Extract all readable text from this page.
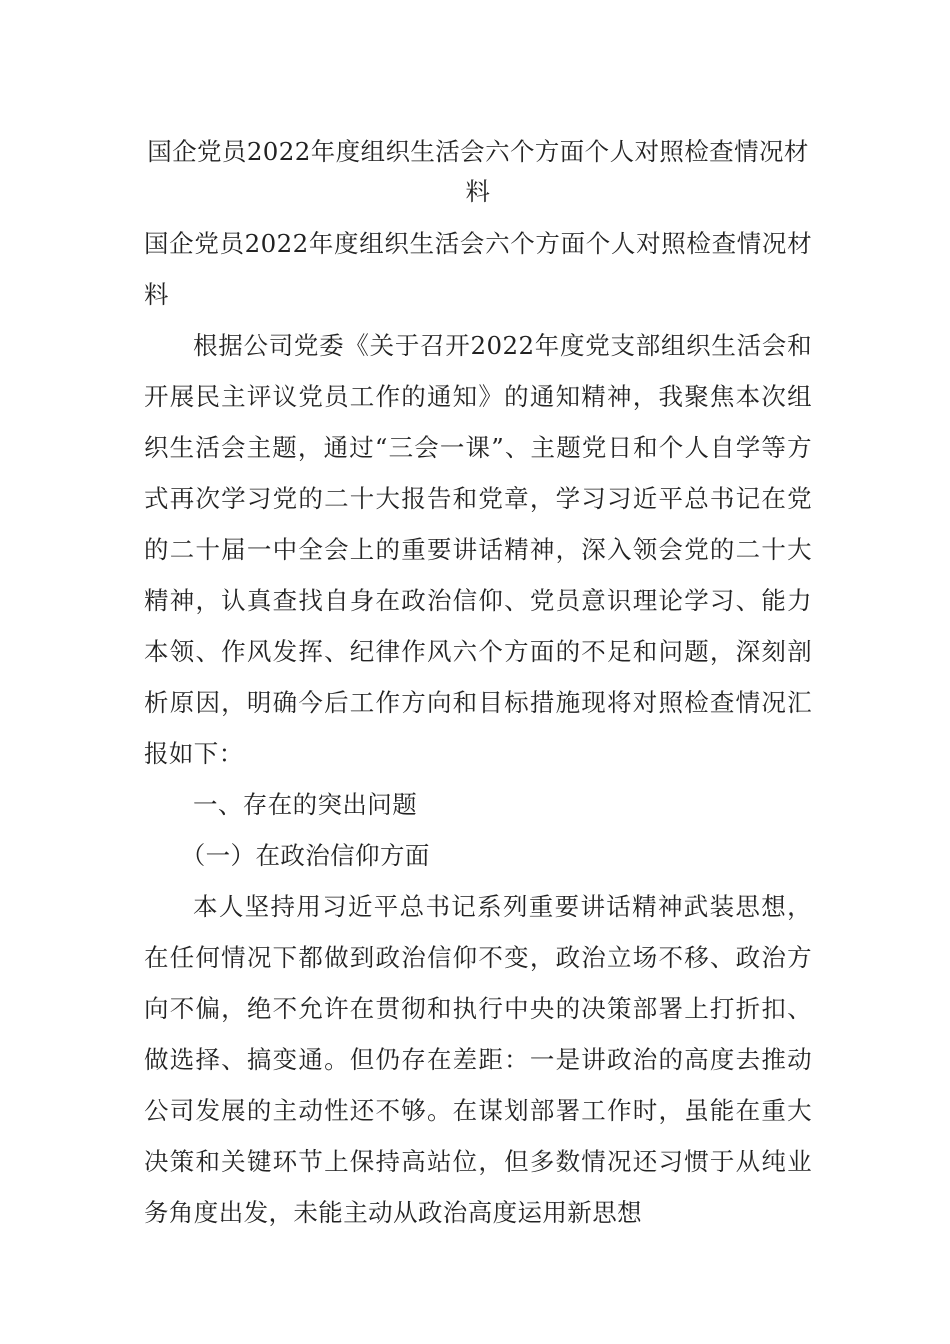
国企党员2022年度组织生活会六个方面个人对照检查情况材料

国企党员2022年度组织生活会六个方面个人对照检查情况材料

根据公司党委《关于召开2022年度党支部组织生活会和开展民主评议党员工作的通知》的通知精神，我聚焦本次组织生活会主题，通过“三会一课”、主题党日和个人自学等方式再次学习党的二十大报告和党章，学习习近平总书记在党的二十届一中全会上的重要讲话精神，深入领会党的二十大精神，认真查找自身在政治信仰、党员意识理论学习、能力本领、作风发挥、纪律作风六个方面的不足和问题，深刻剖析原因，明确今后工作方向和目标措施现将对照检查情况汇报如下：

一、存在的突出问题

（一）在政治信仰方面

本人坚持用习近平总书记系列重要讲话精神武装思想，在任何情况下都做到政治信仰不变，政治立场不移、政治方向不偏，绝不允许在贯彻和执行中央的决策部署上打折扣、做选择、搞变通。但仍存在差距：一是讲政治的高度去推动公司发展的主动性还不够。在谋划部署工作时，虽能在重大决策和关键环节上保持高站位，但多数情况还习惯于从纯业务角度出发，未能主动从政治高度运用新思想
